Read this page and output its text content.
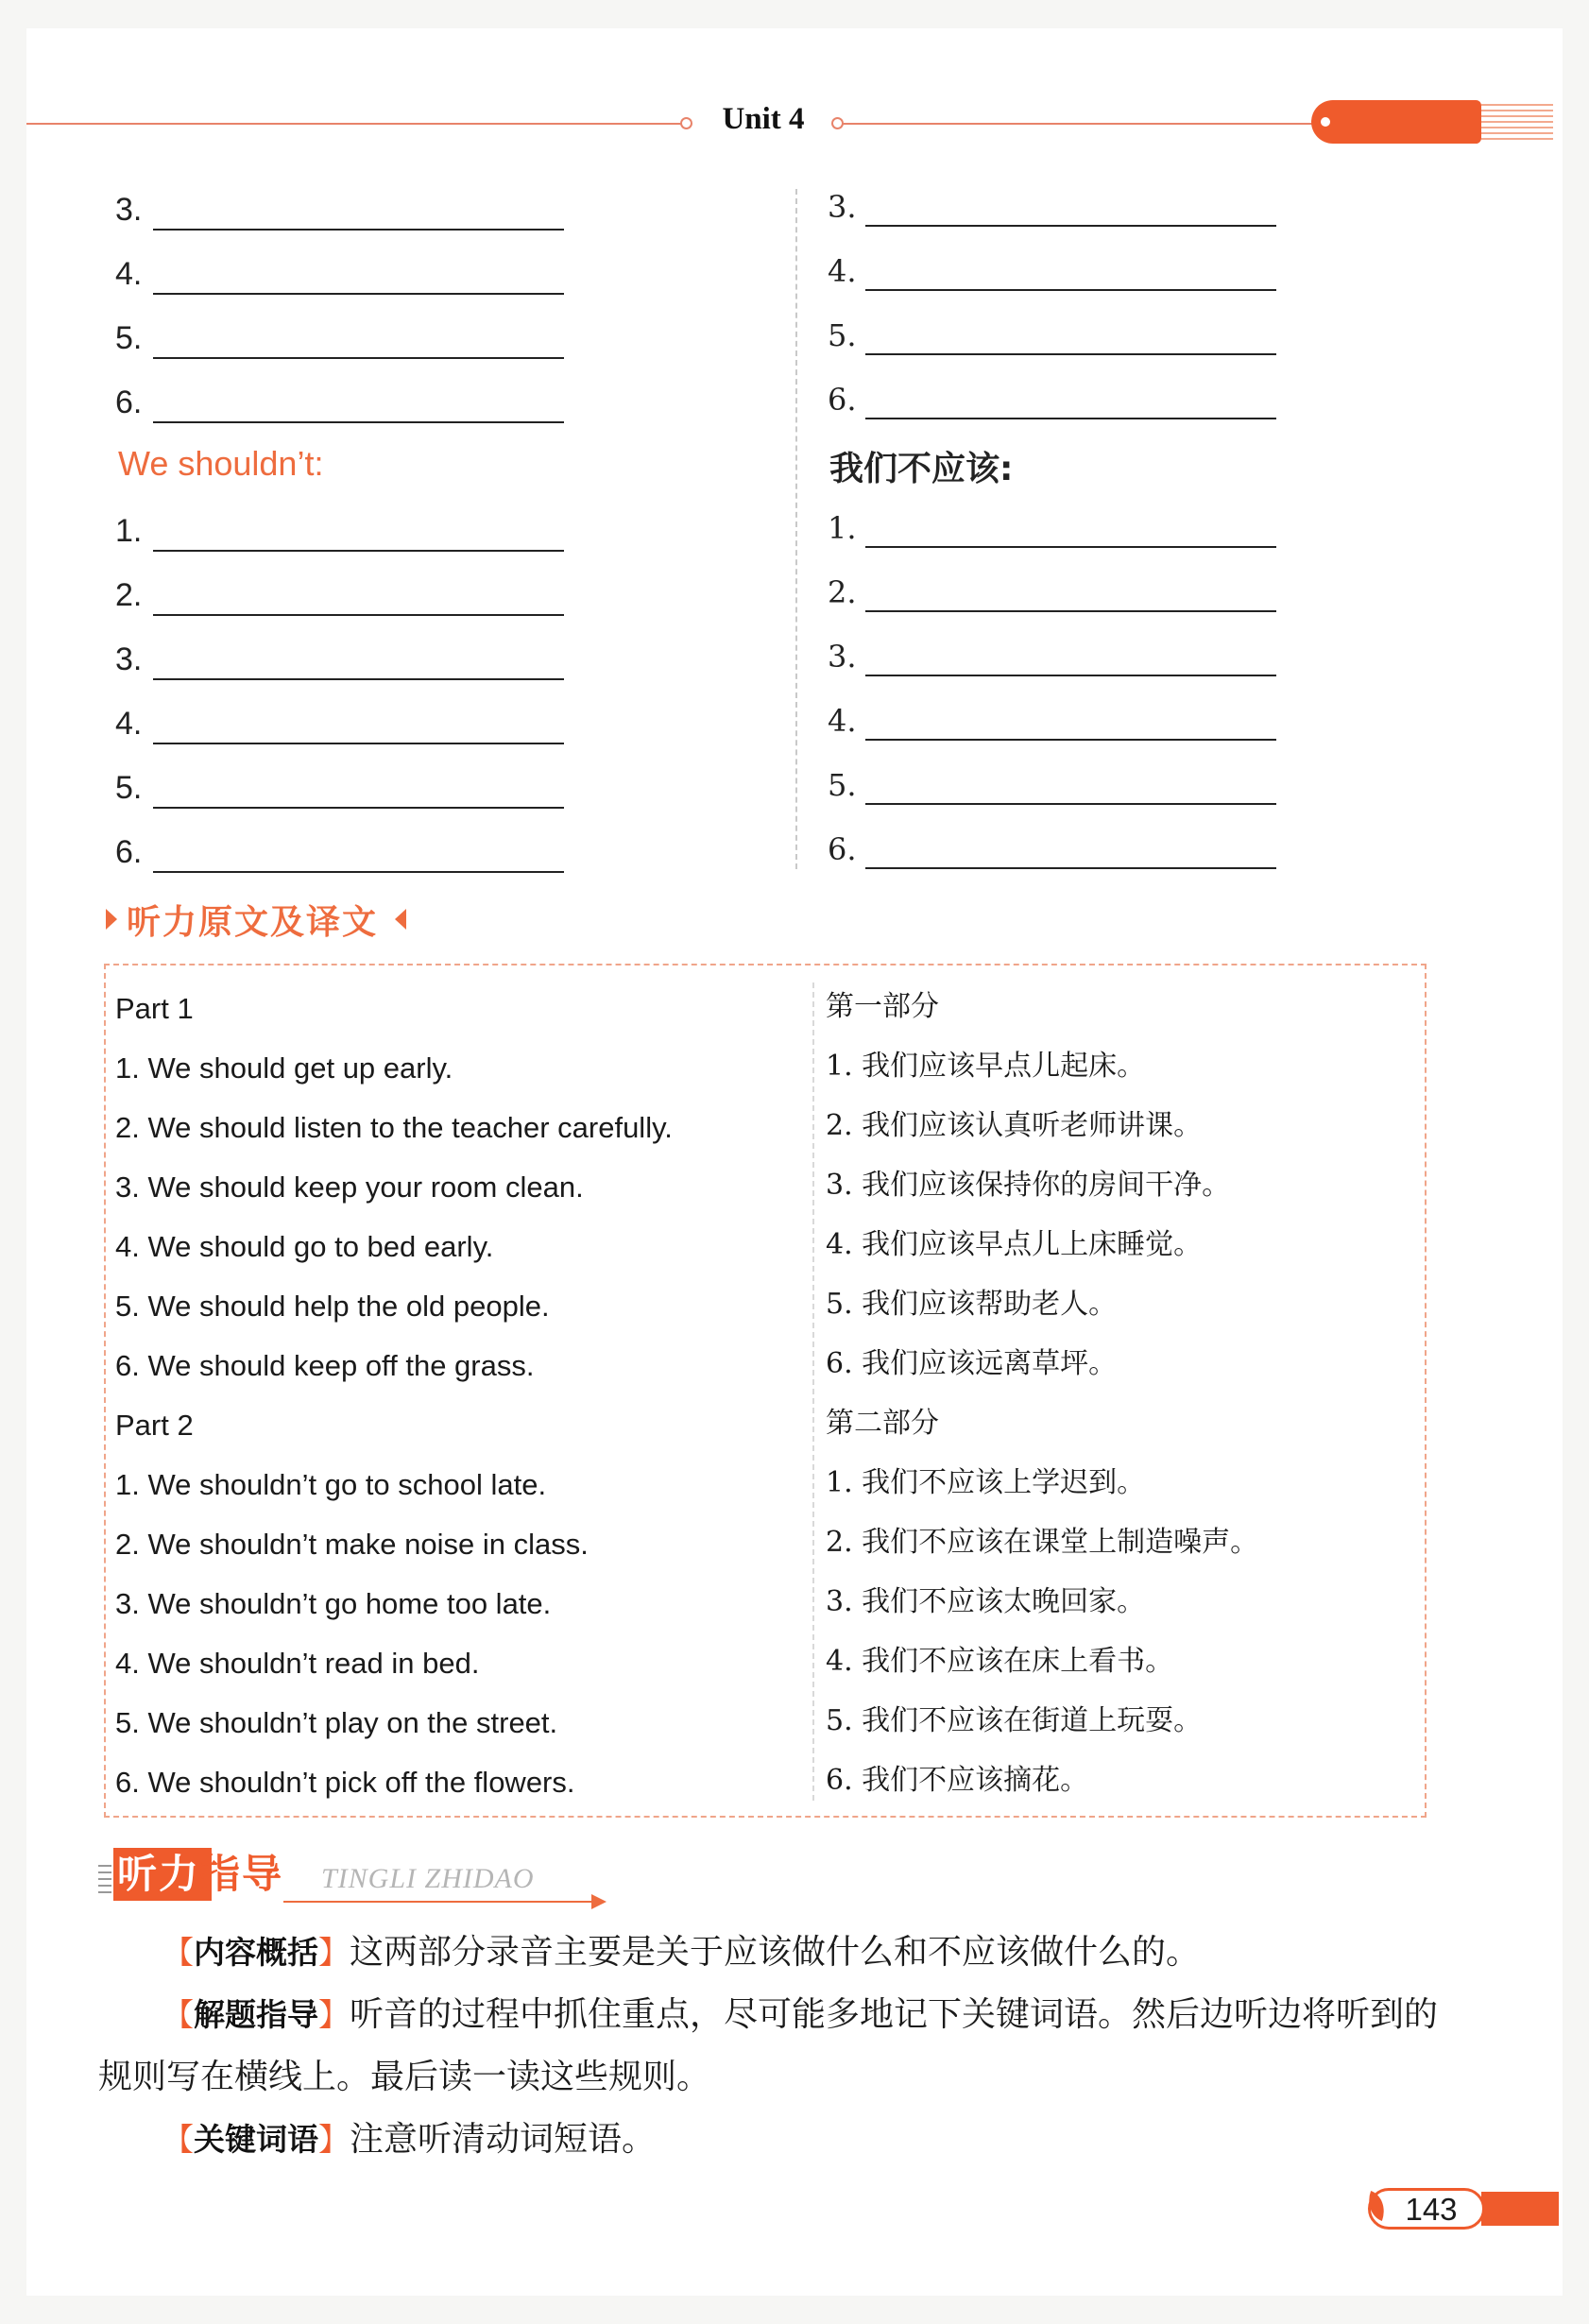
Unit 4
3.
4.
5.
6.
We shouldn’t:
1.
2.
3.
4.
5.
6.
3.
4.
5.
6.
我们不应该:
1.
2.
3.
4.
5.
6.
听力原文及译文
Part 1
1. We should get up early.
2. We should listen to the teacher carefully.
3. We should keep your room clean.
4. We should go to bed early.
5. We should help the old people.
6. We should keep off the grass.
Part 2
1. We shouldn’t go to school late.
2. We shouldn’t make noise in class.
3. We shouldn’t go home too late.
4. We shouldn’t read in bed.
5. We shouldn’t play on the street.
6. We shouldn’t pick off the flowers.
第一部分
1. 我们应该早点儿起床。
2. 我们应该认真听老师讲课。
3. 我们应该保持你的房间干净。
4. 我们应该早点儿上床睡觉。
5. 我们应该帮助老人。
6. 我们应该远离草坪。
第二部分
1. 我们不应该上学迟到。
2. 我们不应该在课堂上制造噪声。
3. 我们不应该太晚回家。
4. 我们不应该在床上看书。
5. 我们不应该在街道上玩耍。
6. 我们不应该摘花。
听力指导 TINGLI ZHIDAO
【内容概括】这两部分录音主要是关于应该做什么和不应该做什么的。
【解题指导】听音的过程中抓住重点，尽可能多地记下关键词语。然后边听边将听到的规则写在横线上。最后读一读这些规则。
【关键词语】注意听清动词短语。
143
